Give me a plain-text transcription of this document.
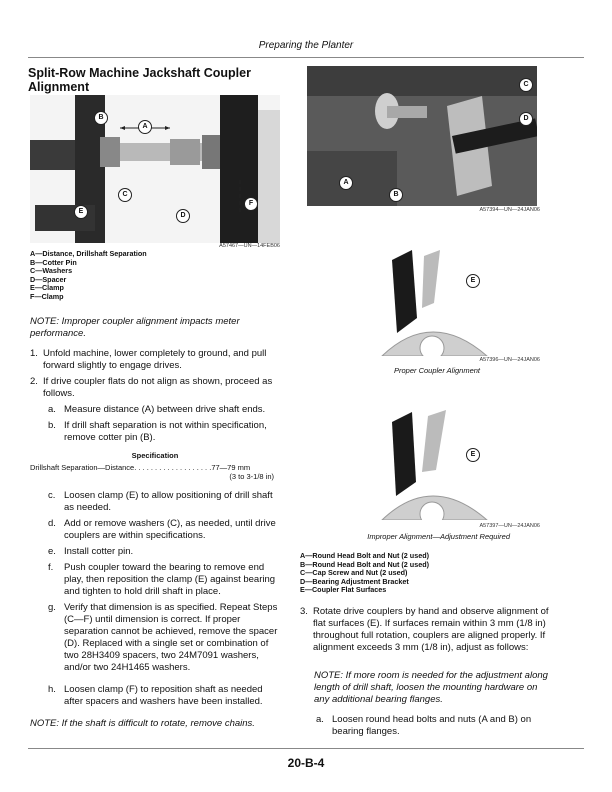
Preparing the Planter
Split-Row Machine Jackshaft Coupler Alignment
B
A
C
E
D
F
A57467—UN—14FEB06
A—Distance, Drillshaft Separation
B—Cotter Pin
C—Washers
D—Spacer
E—Clamp
F—Clamp
NOTE: Improper coupler alignment impacts meter performance.
1. Unfold machine, lower completely to ground, and pull forward slightly to engage drives.
2. If drive coupler flats do not align as shown, proceed as follows.
a. Measure distance (A) between drive shaft ends.
b. If drill shaft separation is not within specification, remove cotter pin (B).
Specification
Drillshaft Separation—Distance. . . . . . . . . . . . . . . . . . .77—79 mm
(3 to 3-1/8 in)
c. Loosen clamp (E) to allow positioning of drill shaft as needed.
d. Add or remove washers (C), as needed, until drive couplers are within specifications.
e. Install cotter pin.
f. Push coupler toward the bearing to remove end play, then reposition the clamp (E) against bearing and tighten to hold drill shaft in place.
g. Verify that dimension is as specified. Repeat Steps (C—F) until dimension is correct. If proper separation cannot be achieved, remove the spacer (D). Replaced with a single set or combination of two 28H3409 spacers, two 24M7091 washers, and/or two 24H1465 washers.
h. Loosen clamp (F) to reposition shaft as needed after spacers and washers have been installed.
NOTE: If the shaft is difficult to rotate, remove chains.
C
D
A
B
A57394—UN—24JAN06
E
A57396—UN—24JAN06
Proper Coupler Alignment
E
A57397—UN—24JAN06
Improper Alignment—Adjustment Required
A—Round Head Bolt and Nut (2 used)
B—Round Head Bolt and Nut (2 used)
C—Cap Screw and Nut (2 used)
D—Bearing Adjustment Bracket
E—Coupler Flat Surfaces
3. Rotate drive couplers by hand and observe alignment of flat surfaces (E). If surfaces remain within 3 mm (1/8 in) throughout full rotation, couplers are aligned properly. If alignment exceeds 3 mm (1/8 in), adjust as follows:
NOTE: If more room is needed for the adjustment along length of drill shaft, loosen the mounting hardware on any additional bearing flanges.
a. Loosen round head bolts and nuts (A and B) on bearing flanges.
20-B-4
